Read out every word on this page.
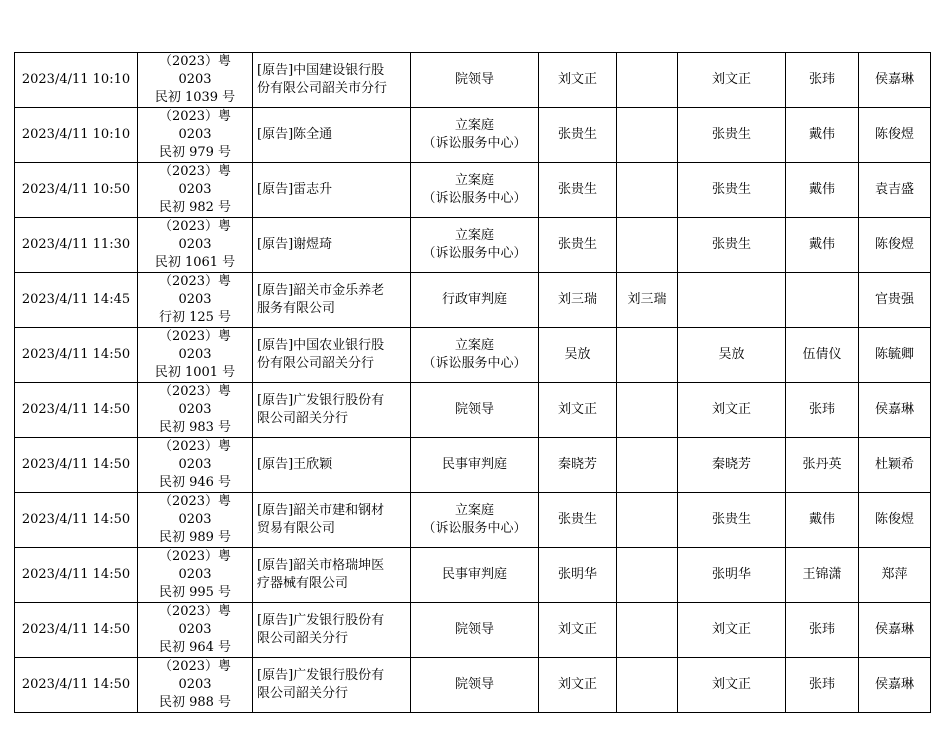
2023/4/11 10:10	（2023）粤 0203
民初 1039 号	[原告]中国建设银行股
份有限公司韶关市分行	院领导	刘文正		刘文正	张玮	侯嘉琳
2023/4/11 10:10	（2023）粤 0203
民初 979 号	[原告]陈全通	立案庭
（诉讼服务中心）	张贵生		张贵生	戴伟	陈俊煜
2023/4/11 10:50	（2023）粤 0203
民初 982 号	[原告]雷志升	立案庭
（诉讼服务中心）	张贵生		张贵生	戴伟	袁吉盛
2023/4/11 11:30	（2023）粤 0203
民初 1061 号	[原告]谢煜琦	立案庭
（诉讼服务中心）	张贵生		张贵生	戴伟	陈俊煜
2023/4/11 14:45	（2023）粤 0203
行初 125 号	[原告]韶关市金乐养老
服务有限公司	行政审判庭	刘三瑞	刘三瑞			官贵强
2023/4/11 14:50	（2023）粤 0203
民初 1001 号	[原告]中国农业银行股
份有限公司韶关分行	立案庭
（诉讼服务中心）	吴放		吴放	伍倩仪	陈毓卿
2023/4/11 14:50	（2023）粤 0203
民初 983 号	[原告]广发银行股份有
限公司韶关分行	院领导	刘文正		刘文正	张玮	侯嘉琳
2023/4/11 14:50	（2023）粤 0203
民初 946 号	[原告]王欣颖	民事审判庭	秦晓芳		秦晓芳	张丹英	杜颖希
2023/4/11 14:50	（2023）粤 0203
民初 989 号	[原告]韶关市建和钢材
贸易有限公司	立案庭
（诉讼服务中心）	张贵生		张贵生	戴伟	陈俊煜
2023/4/11 14:50	（2023）粤 0203
民初 995 号	[原告]韶关市格瑞坤医
疗器械有限公司	民事审判庭	张明华		张明华	王锦潇	郑萍
2023/4/11 14:50	（2023）粤 0203
民初 964 号	[原告]广发银行股份有
限公司韶关分行	院领导	刘文正		刘文正	张玮	侯嘉琳
2023/4/11 14:50	（2023）粤 0203
民初 988 号	[原告]广发银行股份有
限公司韶关分行	院领导	刘文正		刘文正	张玮	侯嘉琳
